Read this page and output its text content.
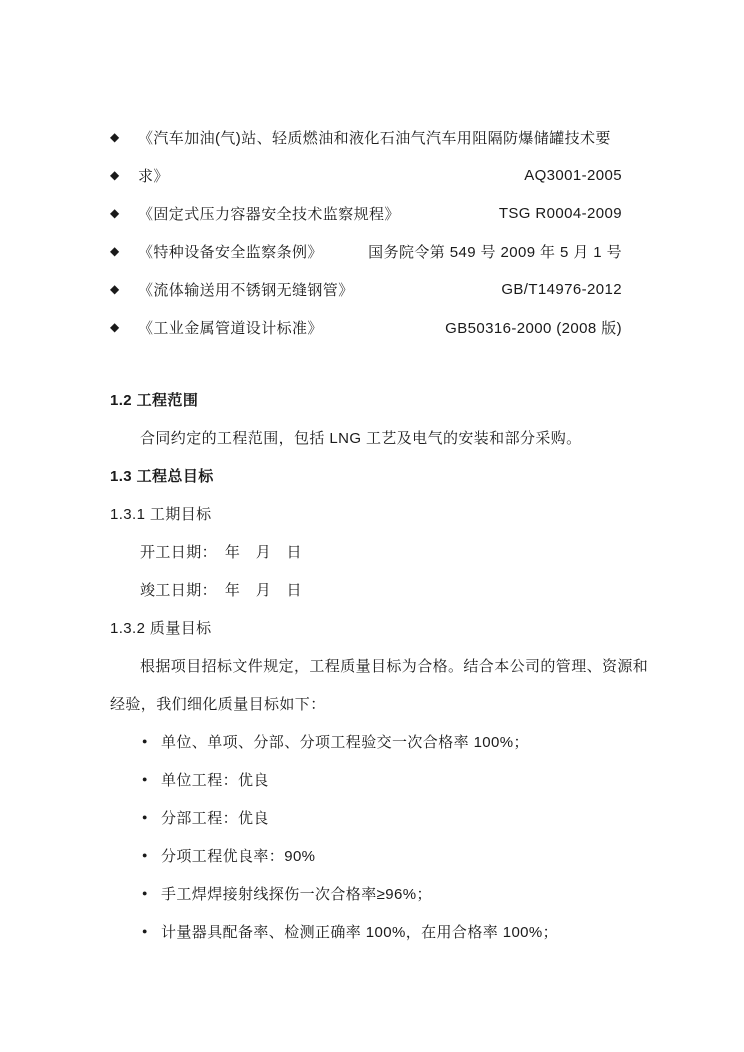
◆	《汽车加油(气)站、轻质燃油和液化石油气汽车用阻隔防爆储罐技术要
◆	求》	AQ3001-2005
◆	《固定式压力容器安全技术监察规程》	TSG R0004-2009
◆	《特种设备安全监察条例》	国务院令第 549 号 2009 年 5 月 1 号
◆	《流体输送用不锈钢无缝钢管》	GB/T14976-2012
◆	《工业金属管道设计标准》	GB50316-2000 (2008 版)
1.2 工程范围
合同约定的工程范围，包括 LNG 工艺及电气的安装和部分采购。
1.3 工程总目标
1.3.1 工期目标
开工日期：　年　月　日
竣工日期：　年　月　日
1.3.2 质量目标
根据项目招标文件规定，工程质量目标为合格。结合本公司的管理、资源和
经验，我们细化质量目标如下：
● 单位、单项、分部、分项工程验交一次合格率 100%；
● 单位工程：优良
● 分部工程：优良
● 分项工程优良率：90%
● 手工焊焊接射线探伤一次合格率≥96%；
● 计量器具配备率、检测正确率 100%，在用合格率 100%；
